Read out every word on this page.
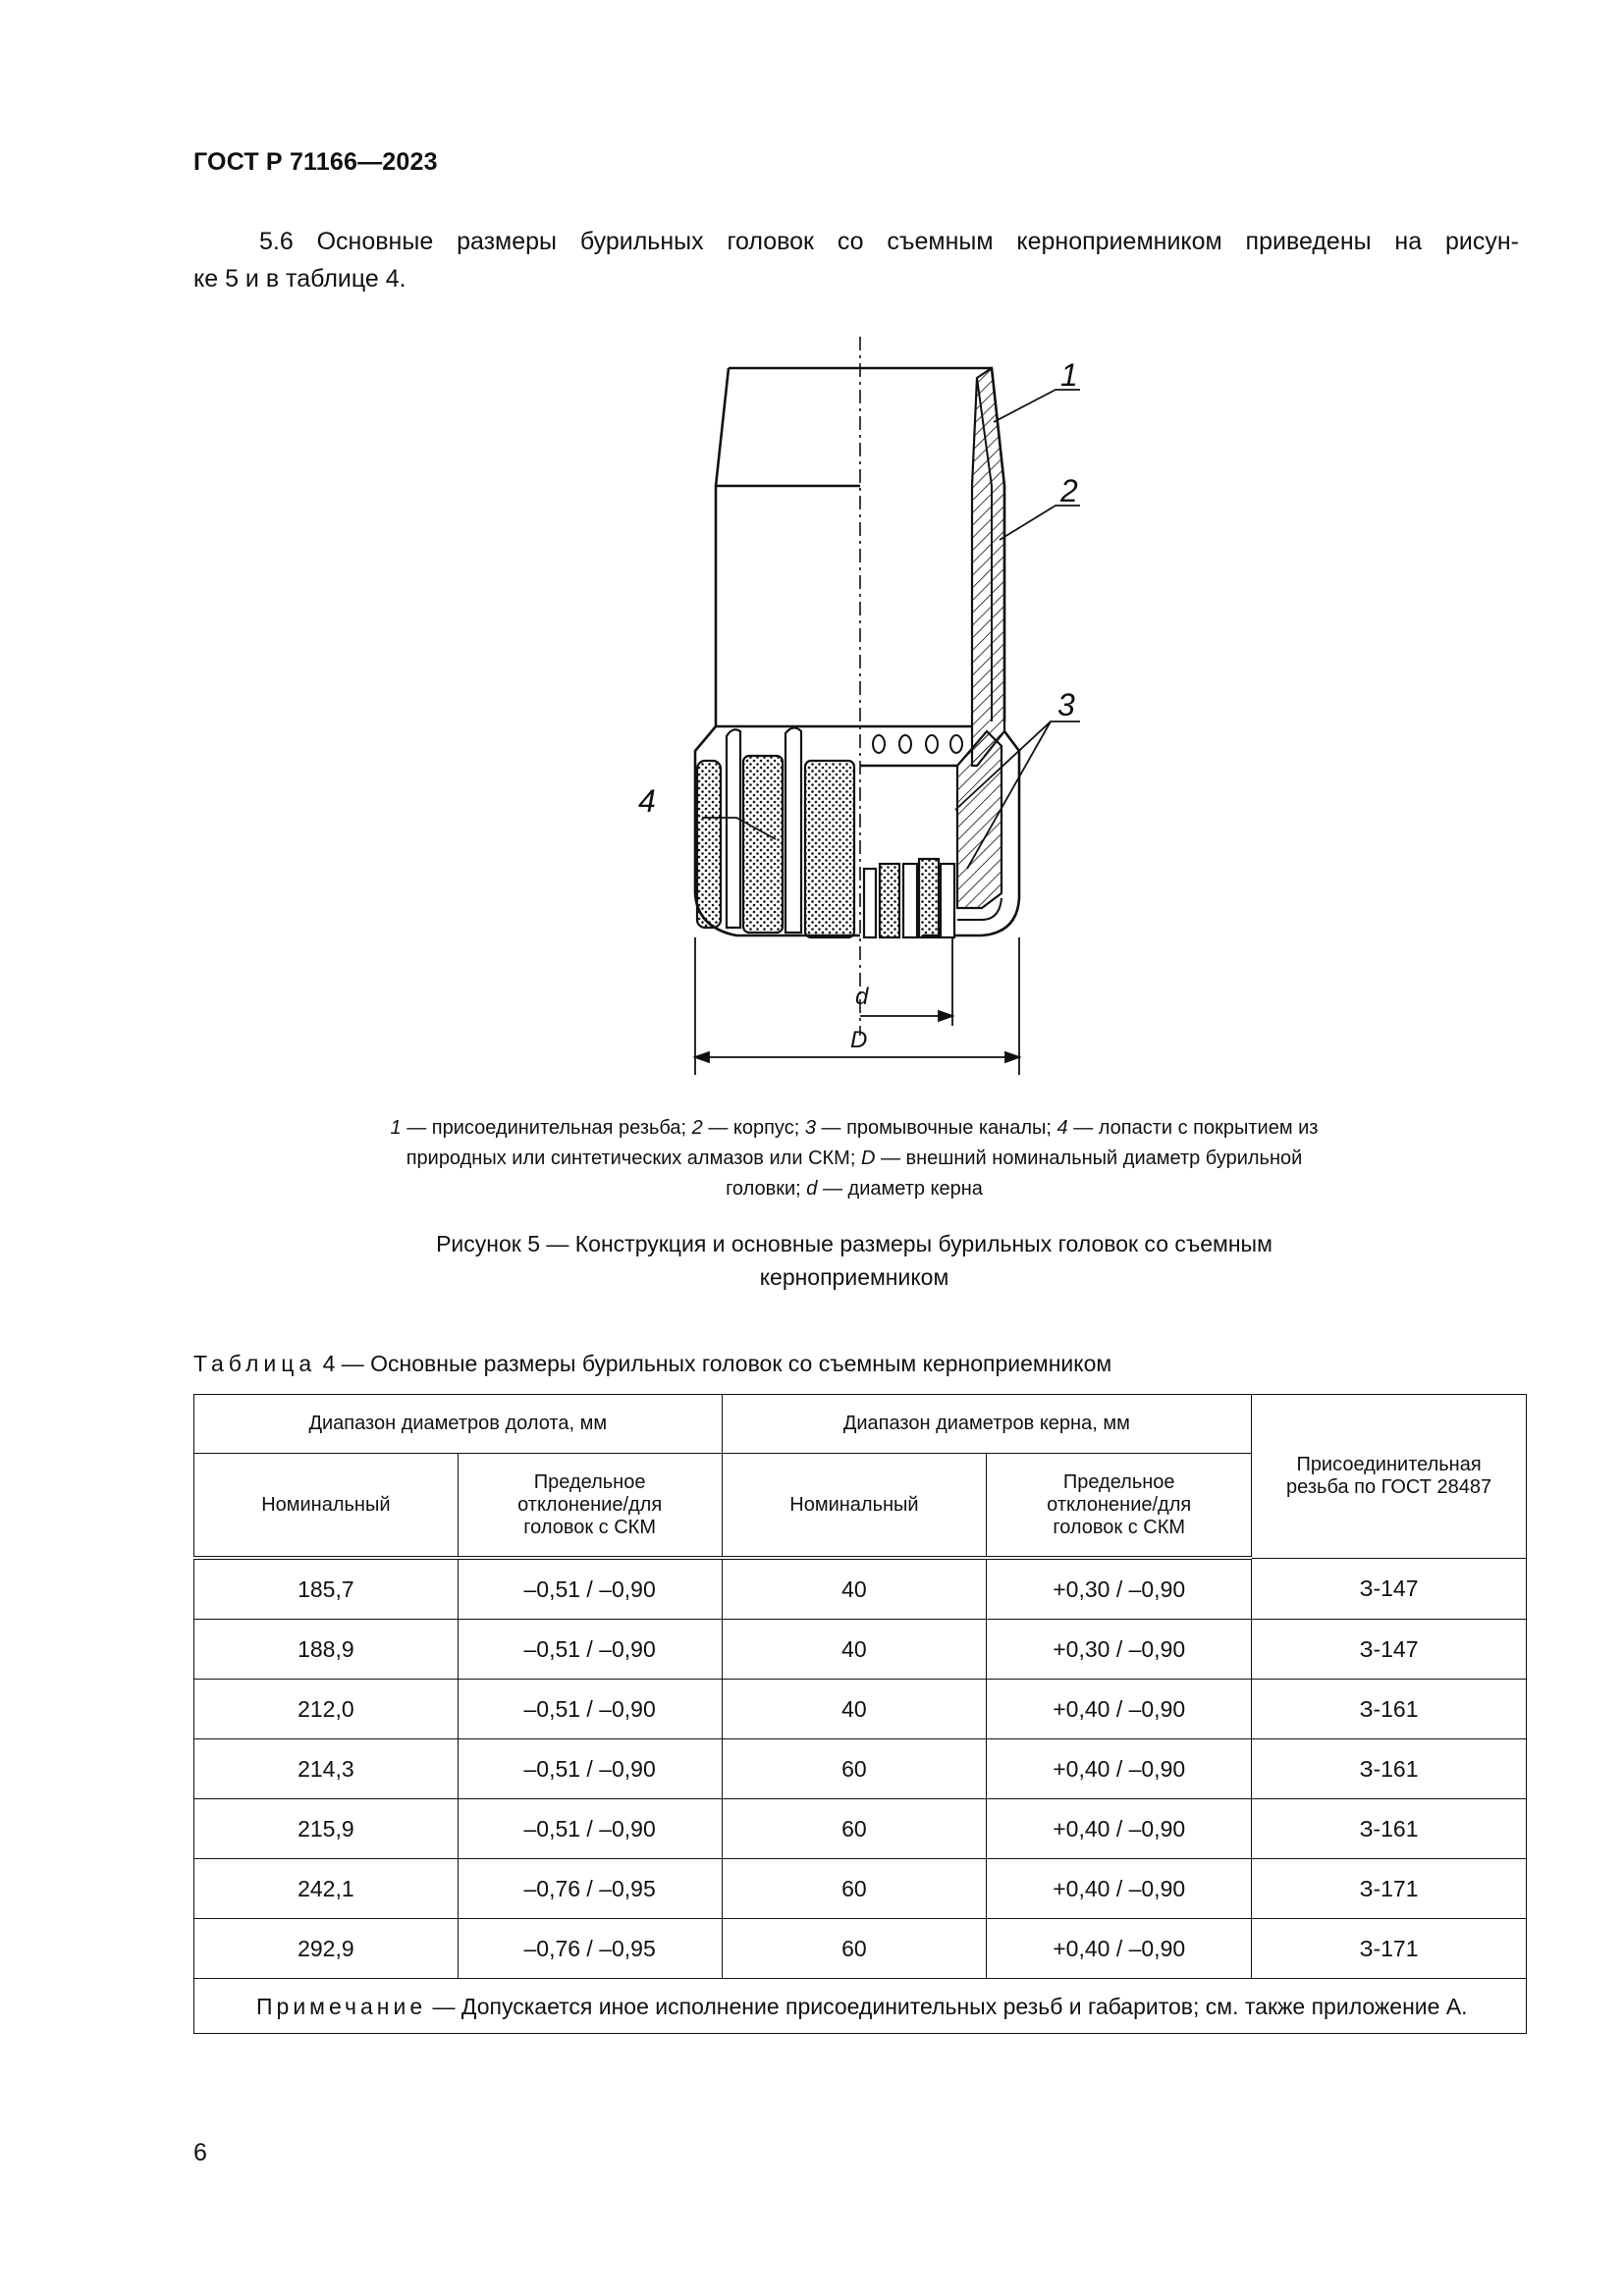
ГОСТ Р 71166—2023
5.6 Основные размеры бурильных головок со съемным керноприемником приведены на рисун-
ке 5 и в таблице 4.
1
2
3
4
d
D
1 — присоединительная резьба; 2 — корпус; 3 — промывочные каналы; 4 — лопасти с покрытием из природных или синтетических алмазов или СКМ; D — внешний номинальный диаметр бурильной головки; d — диаметр керна
Рисунок 5 — Конструкция и основные размеры бурильных головок со съемным
керноприемником
Таблица 4 — Основные размеры бурильных головок со съемным керноприемником
Диапазон диаметров долота, мм		Диапазон диаметров керна, мм		Присоединительная резьба по ГОСТ 28487

Номинальный	Предельное отклонение/для головок с СКМ	Номинальный	Предельное отклонение/для головок с СКМ	

185,7	–0,51 / –0,90	40	+0,30 / –0,90	З-147
188,9	–0,51 / –0,90	40	+0,30 / –0,90	З-147
212,0	–0,51 / –0,90	40	+0,40 / –0,90	З-161
214,3	–0,51 / –0,90	60	+0,40 / –0,90	З-161
215,9	–0,51 / –0,90	60	+0,40 / –0,90	З-161
242,1	–0,76 / –0,95	60	+0,40 / –0,90	З-171
292,9	–0,76 / –0,95	60	+0,40 / –0,90	З-171
Примечание — Допускается иное исполнение присоединительных резьб и габаритов; см. также приложение А.				
6
